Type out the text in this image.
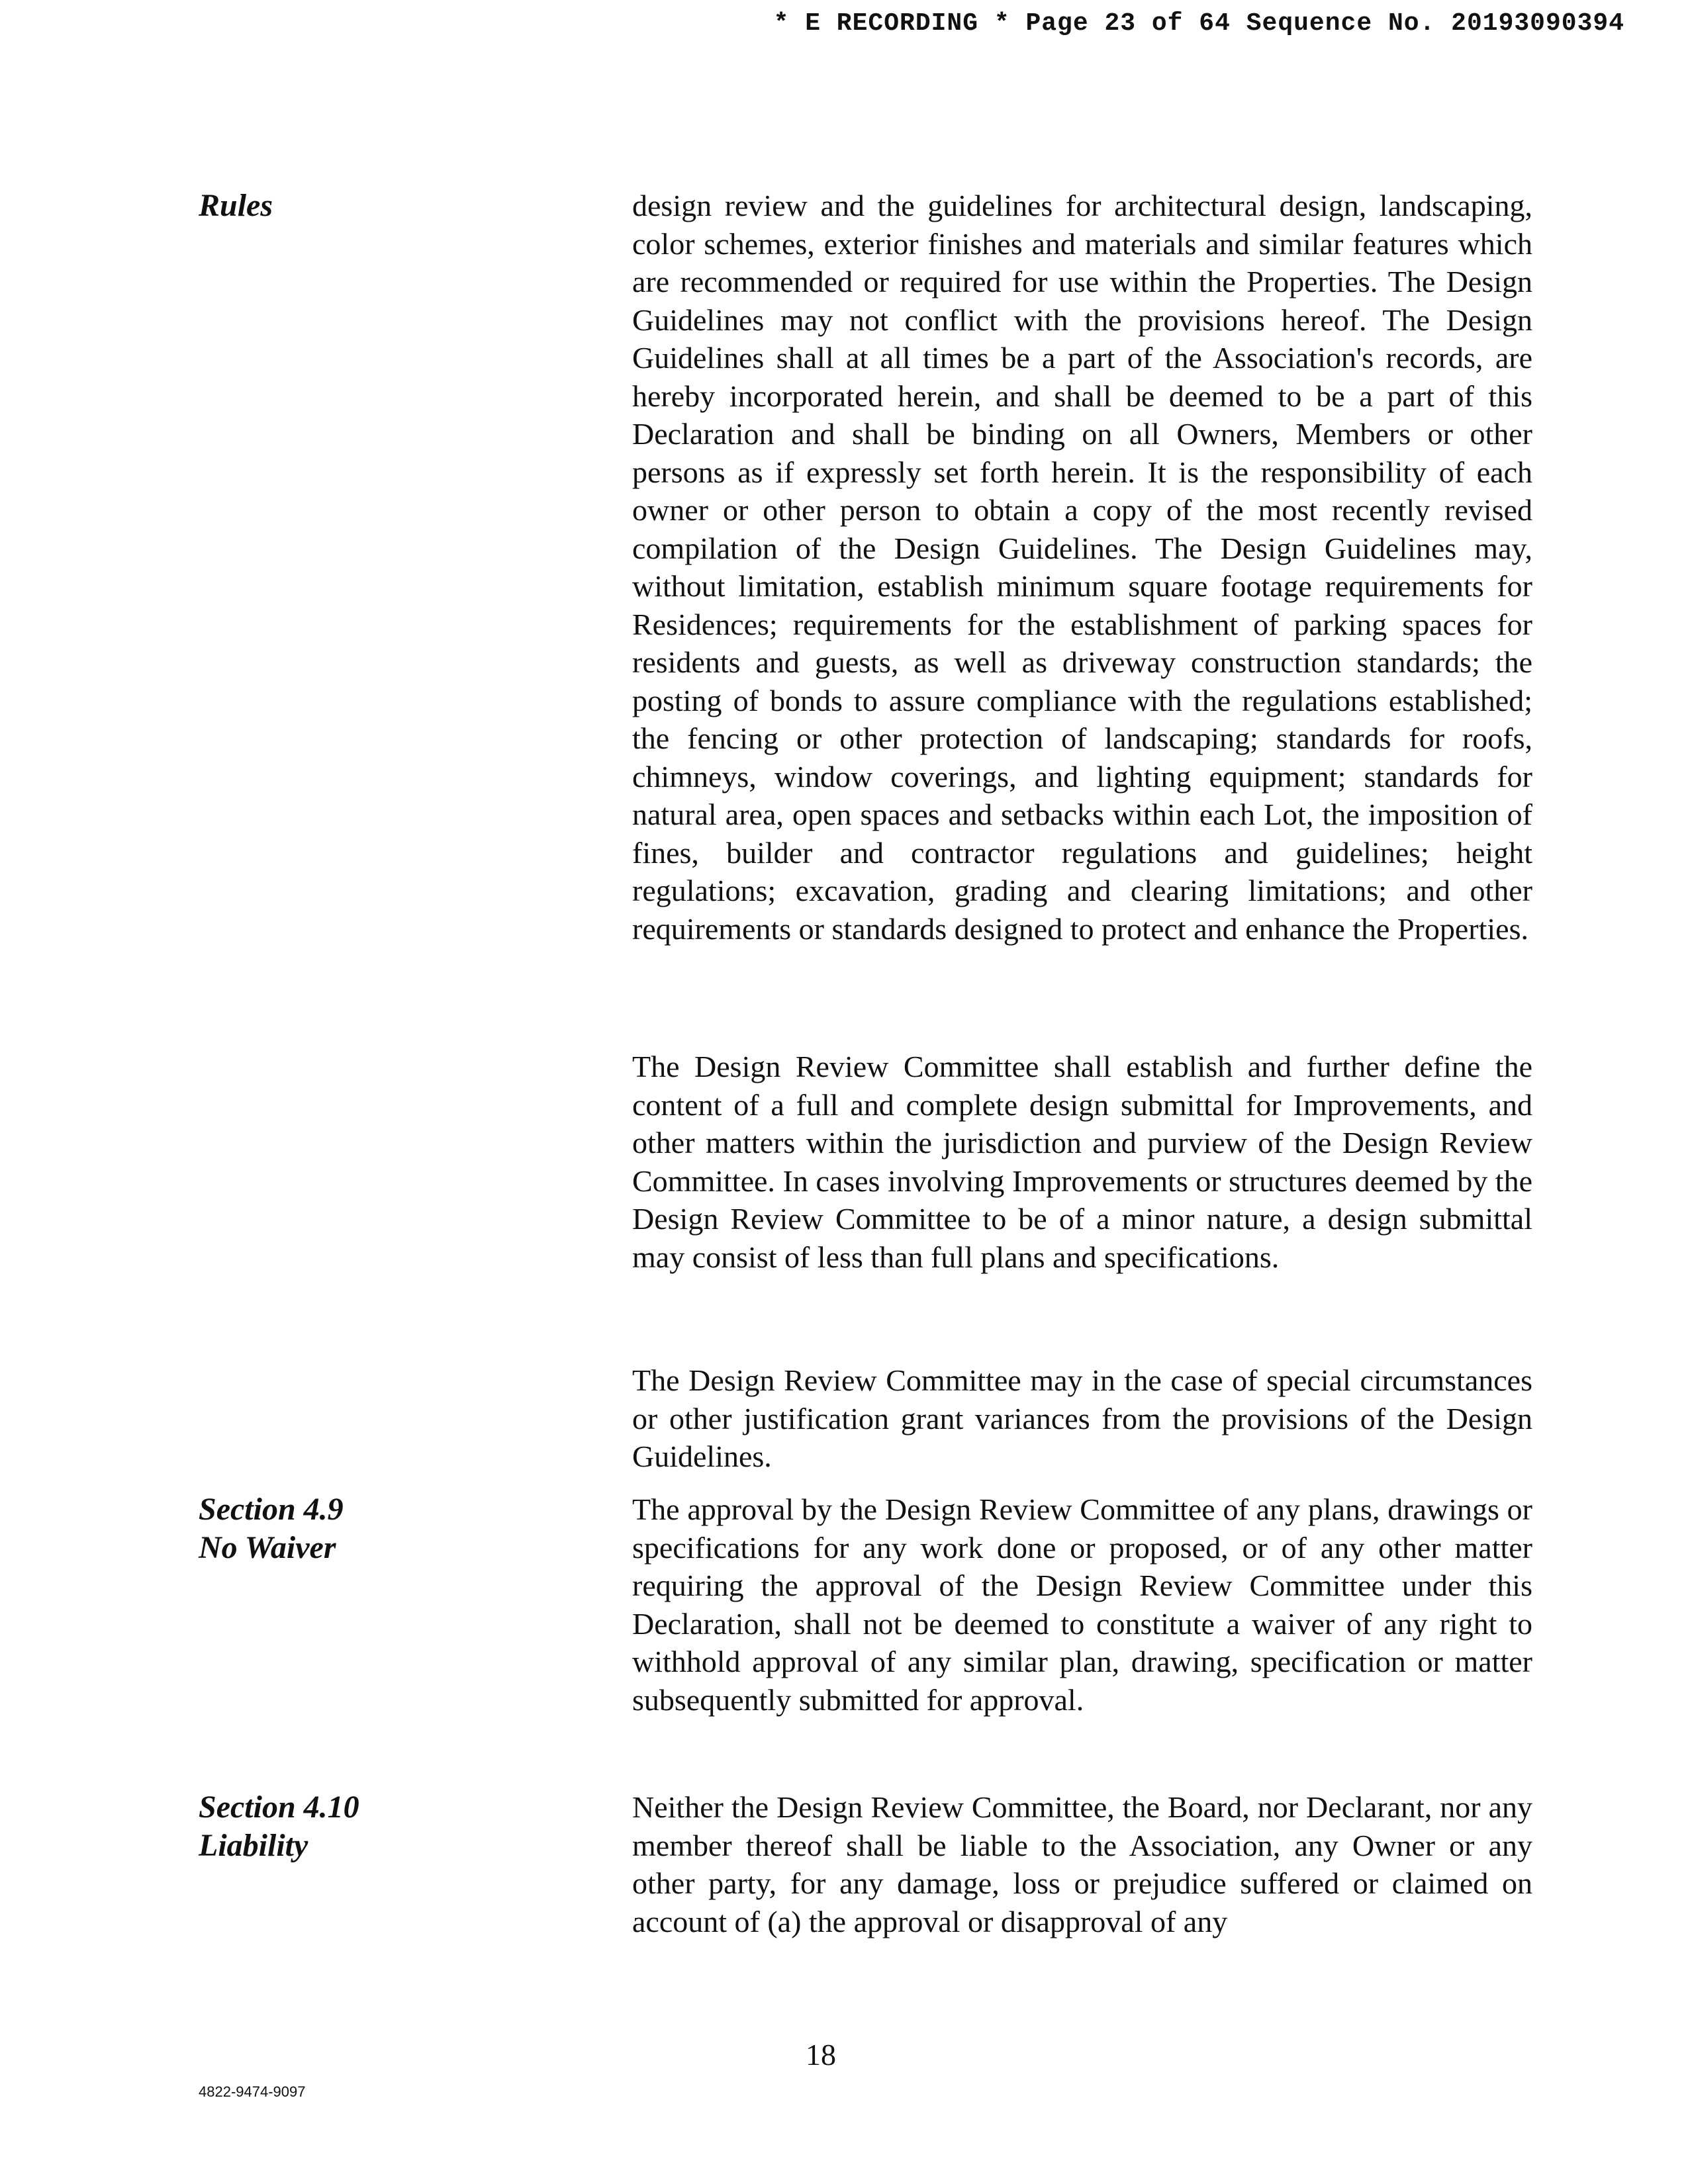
* E RECORDING * Page 23 of 64 Sequence No. 20193090394
Rules	design review and the guidelines for architectural design, landscaping, color schemes, exterior finishes and materials and similar features which are recommended or required for use within the Properties. The Design Guidelines may not conflict with the provisions hereof. The Design Guidelines shall at all times be a part of the Association's records, are hereby incorporated herein, and shall be deemed to be a part of this Declaration and shall be binding on all Owners, Members or other persons as if expressly set forth herein. It is the responsibility of each owner or other person to obtain a copy of the most recently revised compilation of the Design Guidelines. The Design Guidelines may, without limitation, establish minimum square footage requirements for Residences; requirements for the establishment of parking spaces for residents and guests, as well as driveway construction standards; the posting of bonds to assure compliance with the regulations established; the fencing or other protection of landscaping; standards for roofs, chimneys, window coverings, and lighting equipment; standards for natural area, open spaces and setbacks within each Lot, the imposition of fines, builder and contractor regulations and guidelines; height regulations; excavation, grading and clearing limitations; and other requirements or standards designed to protect and enhance the Properties.

The Design Review Committee shall establish and further define the content of a full and complete design submittal for Improvements, and other matters within the jurisdiction and purview of the Design Review Committee. In cases involving Improvements or structures deemed by the Design Review Committee to be of a minor nature, a design submittal may consist of less than full plans and specifications.

The Design Review Committee may in the case of special circumstances or other justification grant variances from the provisions of the Design Guidelines.

Section 4.9
No Waiver

The approval by the Design Review Committee of any plans, drawings or specifications for any work done or proposed, or of any other matter requiring the approval of the Design Review Committee under this Declaration, shall not be deemed to constitute a waiver of any right to withhold approval of any similar plan, drawing, specification or matter subsequently submitted for approval.

Section 4.10
Liability

Neither the Design Review Committee, the Board, nor Declarant, nor any member thereof shall be liable to the Association, any Owner or any other party, for any damage, loss or prejudice suffered or claimed on account of (a) the approval or disapproval of any

18
4822-9474-9097
